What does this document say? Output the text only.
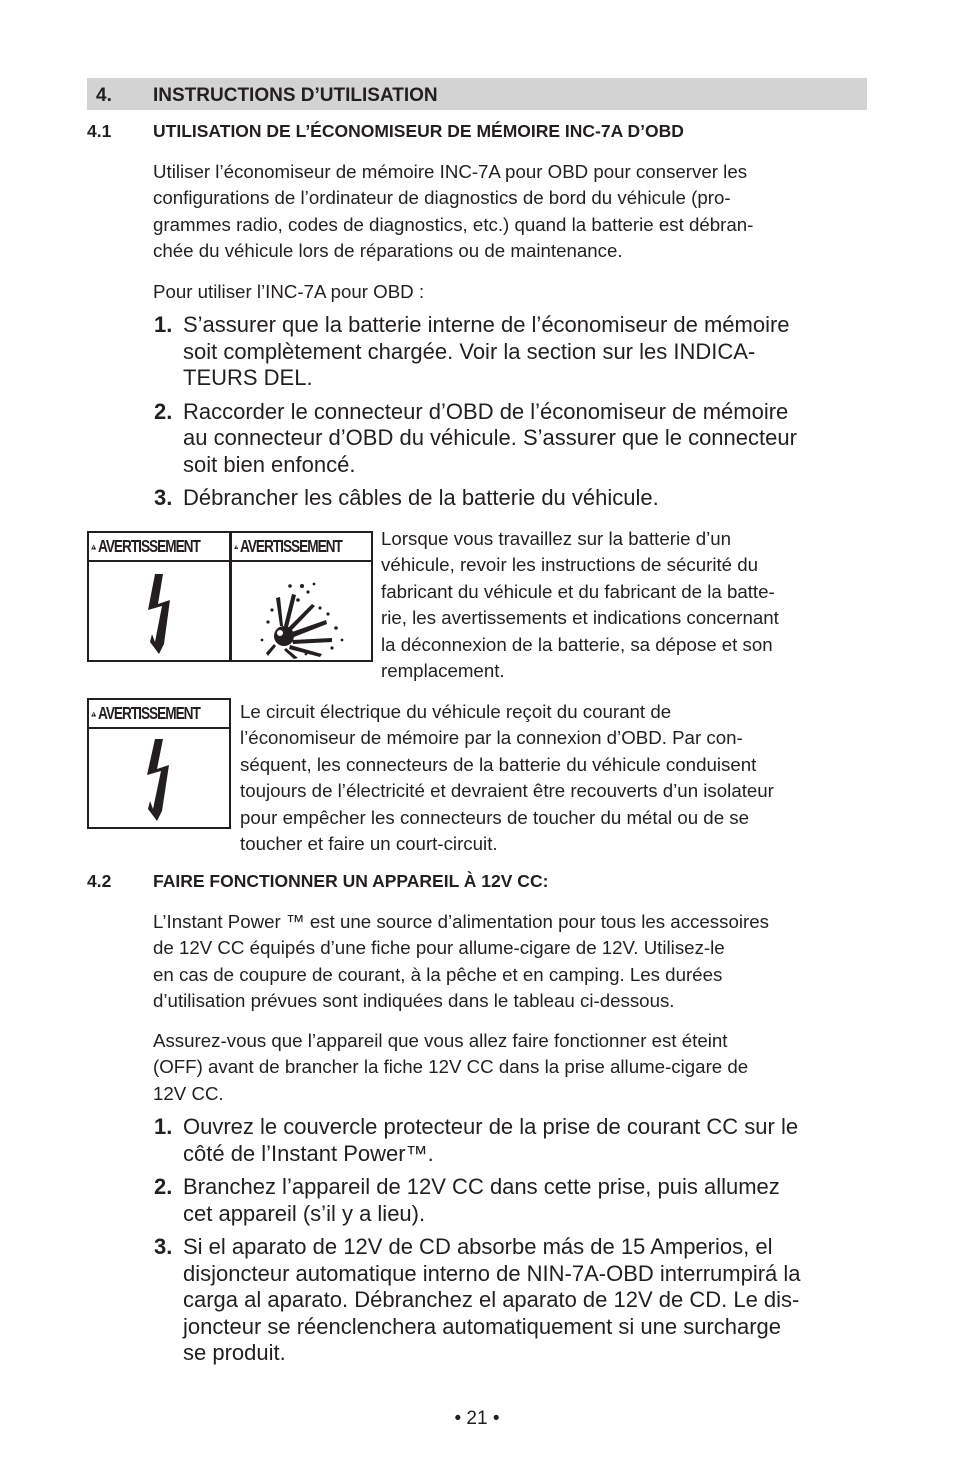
4. INSTRUCTIONS D’UTILISATION
4.1 UTILISATION DE L’ÉCONOMISEUR DE MÉMOIRE INC-7A D’OBD
Utiliser l’économiseur de mémoire INC-7A pour OBD pour conserver les
configurations de l’ordinateur de diagnostics de bord du véhicule (pro-
grammes radio, codes de diagnostics, etc.) quand la batterie est débran-
chée du véhicule lors de réparations ou de maintenance.
Pour utiliser l’INC-7A pour OBD :
1. S’assurer que la batterie interne de l’économiseur de mémoire
soit complètement chargée. Voir la section sur les INDICA-
TEURS DEL.
2. Raccorder le connecteur d’OBD de l’économiseur de mémoire
au connecteur d’OBD du véhicule. S’assurer que le connecteur
soit bien enfoncé.
3. Débrancher les câbles de la batterie du véhicule.
AVERTISSEMENT AVERTISSEMENT Lorsque vous travaillez sur la batterie d’un
véhicule, revoir les instructions de sécurité du
fabricant du véhicule et du fabricant de la batte-
rie, les avertissements et indications concernant
la déconnexion de la batterie, sa dépose et son
remplacement.
AVERTISSEMENT Le circuit électrique du véhicule reçoit du courant de
l’économiseur de mémoire par la connexion d’OBD. Par con-
séquent, les connecteurs de la batterie du véhicule conduisent
toujours de l’électricité et devraient être recouverts d’un isolateur
pour empêcher les connecteurs de toucher du métal ou de se
toucher et faire un court-circuit.
4.2 FAIRE FONCTIONNER UN APPAREIL À 12V CC:
L’Instant Power ™ est une source d’alimentation pour tous les accessoires
de 12V CC équipés d’une fiche pour allume-cigare de 12V. Utilisez-le
en cas de coupure de courant, à la pêche et en camping. Les durées
d’utilisation prévues sont indiquées dans le tableau ci-dessous.
Assurez-vous que l’appareil que vous allez faire fonctionner est éteint
(OFF) avant de brancher la fiche 12V CC dans la prise allume-cigare de
12V CC.
1. Ouvrez le couvercle protecteur de la prise de courant CC sur le
côté de l’Instant Power™.
2. Branchez l’appareil de 12V CC dans cette prise, puis allumez
cet appareil (s’il y a lieu).
3. Si el aparato de 12V de CD absorbe más de 15 Amperios, el
disjoncteur automatique interno de NIN-7A-OBD interrumpirá la
carga al aparato. Débranchez el aparato de 12V de CD. Le dis-
joncteur se réenclenchera automatiquement si une surcharge
se produit.
• 21 •
